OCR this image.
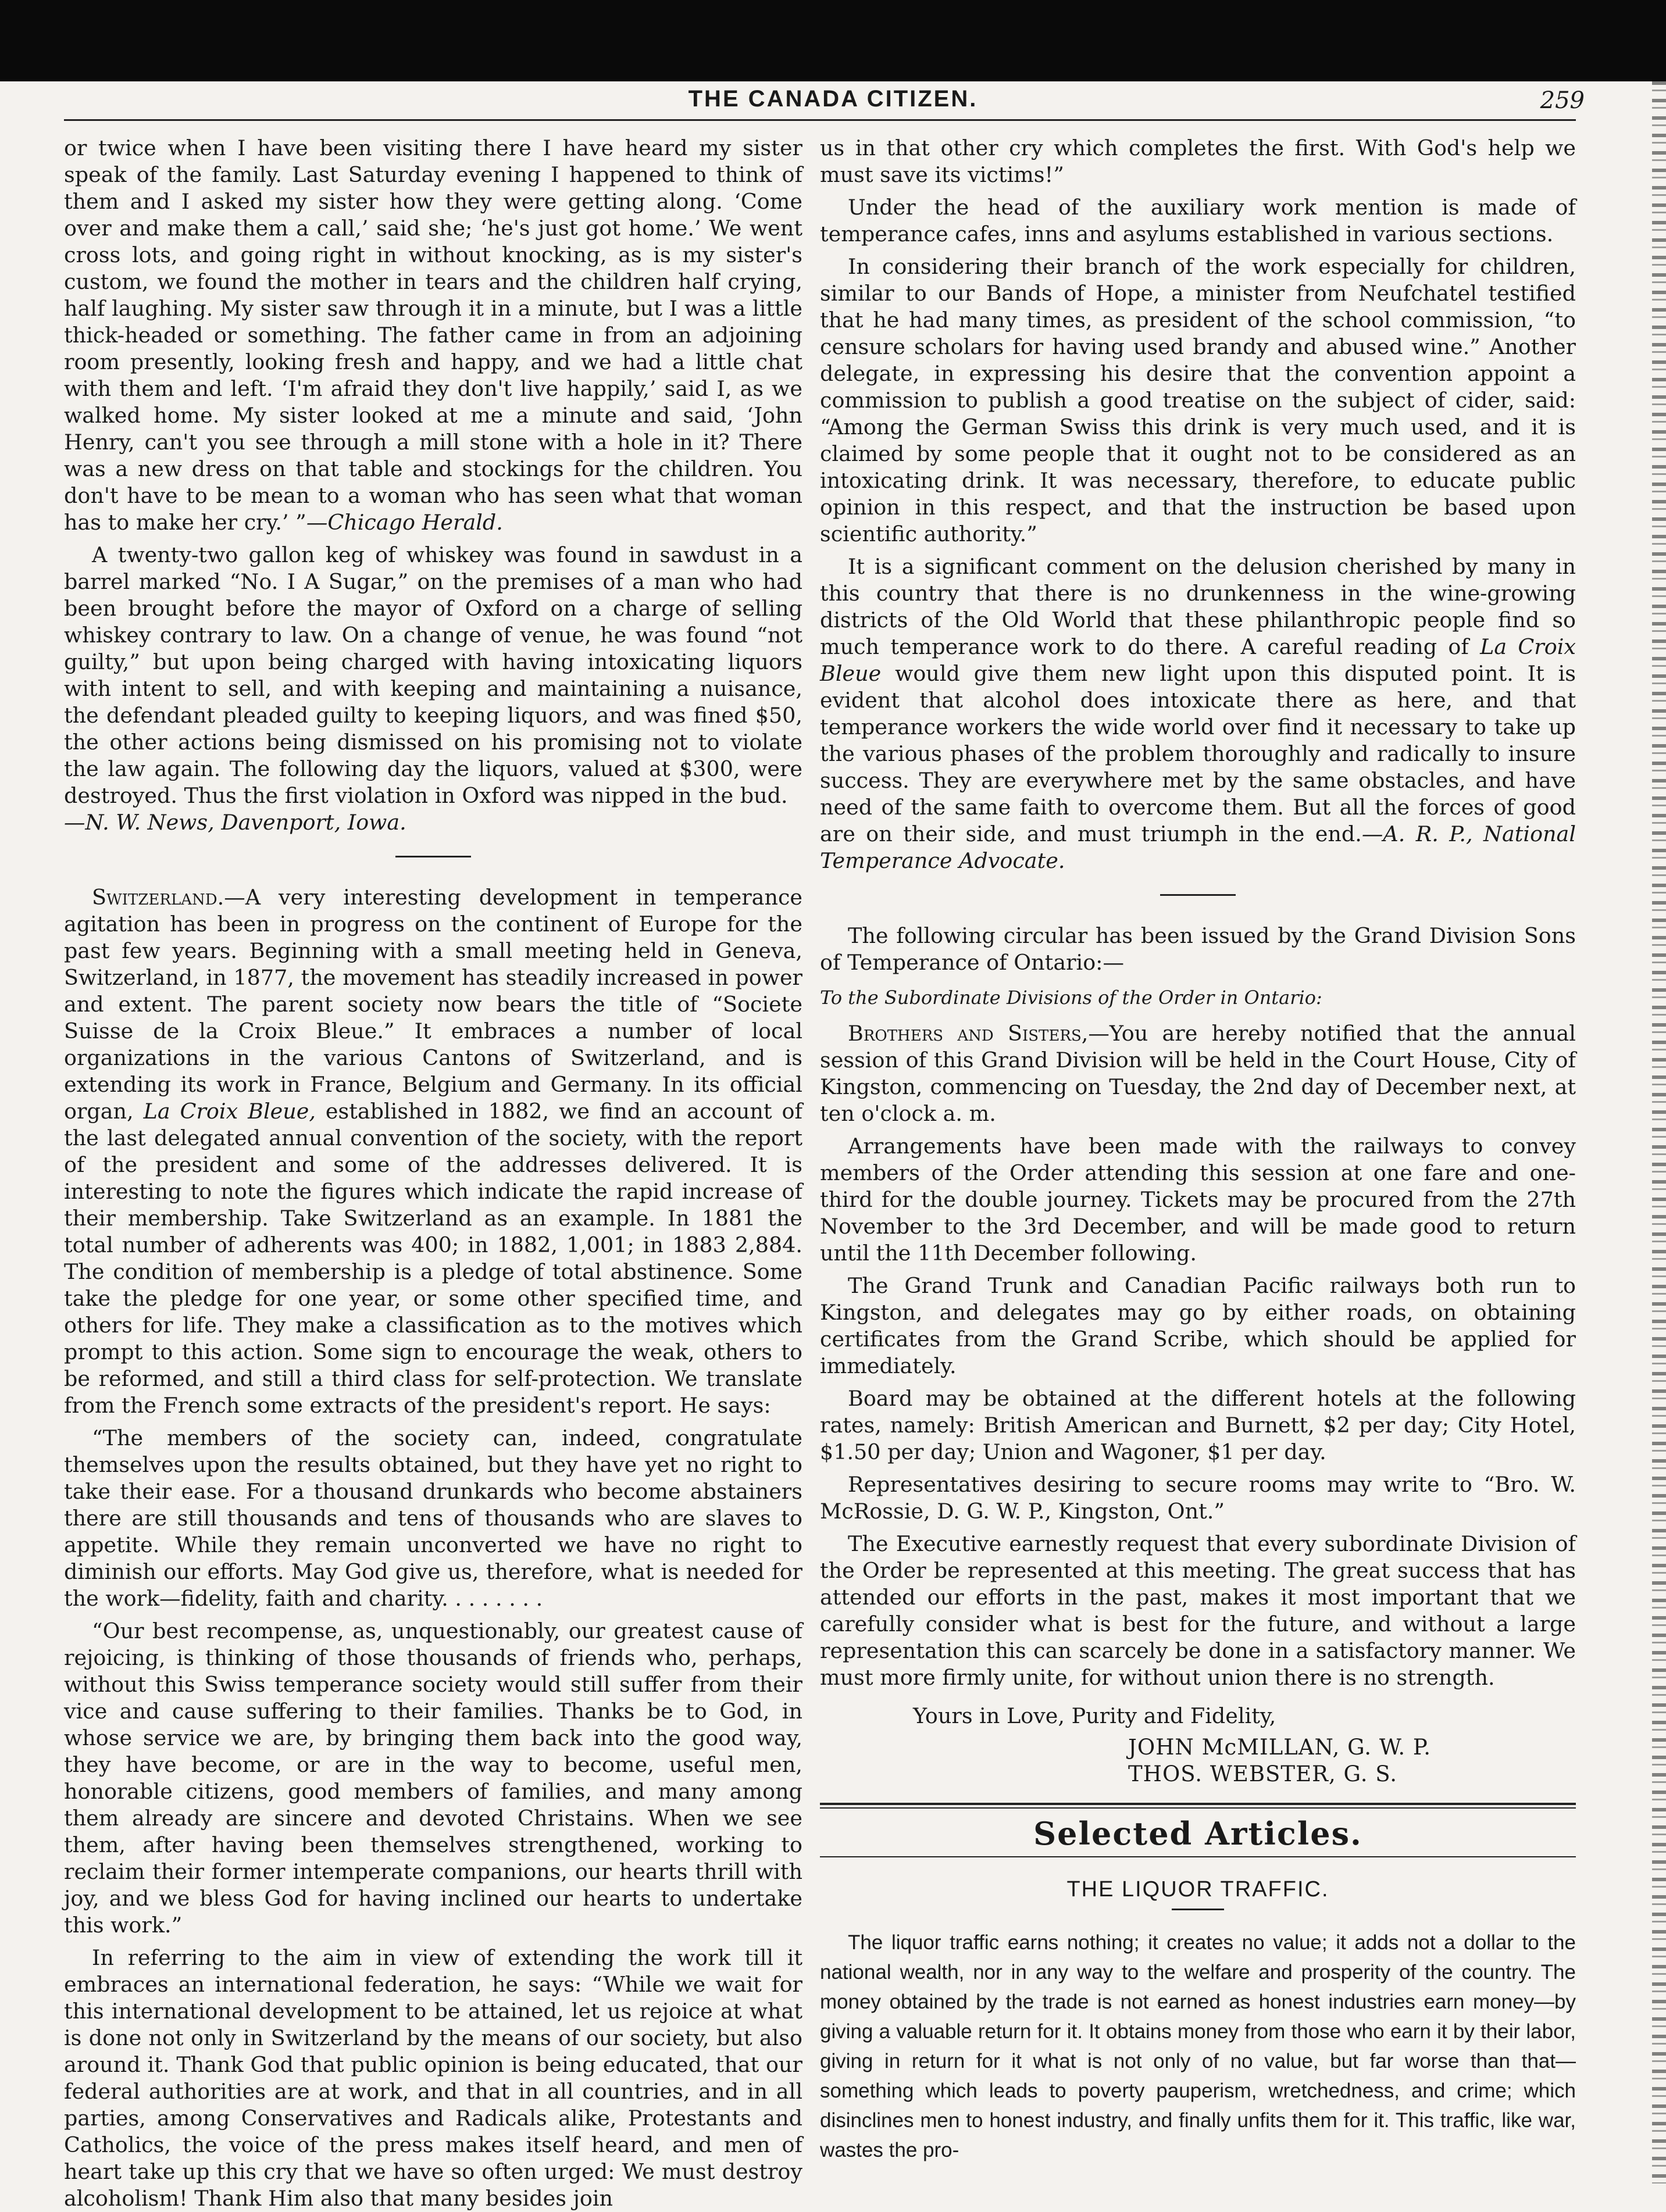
THE CANADA CITIZEN.	259

or twice when I have been visiting there I have heard my sister speak of the family. Last Saturday evening I happened to think of them and I asked my sister how they were getting along. ‘Come over and make them a call,’ said she; ‘he's just got home.’ We went cross lots, and going right in without knocking, as is my sister's custom, we found the mother in tears and the children half crying, half laughing. My sister saw through it in a minute, but I was a little thick-headed or something. The father came in from an adjoining room presently, looking fresh and happy, and we had a little chat with them and left. ‘I'm afraid they don't live happily,’ said I, as we walked home. My sister looked at me a minute and said, ‘John Henry, can't you see through a mill stone with a hole in it? There was a new dress on that table and stockings for the children. You don't have to be mean to a woman who has seen what that woman has to make her cry.’ ”—Chicago Herald.

A twenty-two gallon keg of whiskey was found in sawdust in a barrel marked “No. I A Sugar,” on the premises of a man who had been brought before the mayor of Oxford on a charge of selling whiskey contrary to law. On a change of venue, he was found “not guilty,” but upon being charged with having intoxicating liquors with intent to sell, and with keeping and maintaining a nuisance, the defendant pleaded guilty to keeping liquors, and was fined $50, the other actions being dismissed on his promising not to violate the law again. The following day the liquors, valued at $300, were destroyed. Thus the first violation in Oxford was nipped in the bud.
—N. W. News, Davenport, Iowa.

Switzerland.—A very interesting development in temperance agitation has been in progress on the continent of Europe for the past few years. Beginning with a small meeting held in Geneva, Switzerland, in 1877, the movement has steadily increased in power and extent. The parent society now bears the title of “Societe Suisse de la Croix Bleue.” It embraces a number of local organizations in the various Cantons of Switzerland, and is extending its work in France, Belgium and Germany. In its official organ, La Croix Bleue, established in 1882, we find an account of the last delegated annual convention of the society, with the report of the president and some of the addresses delivered. It is interesting to note the figures which indicate the rapid increase of their membership. Take Switzerland as an example. In 1881 the total number of adherents was 400; in 1882, 1,001; in 1883 2,884. The condition of membership is a pledge of total abstinence. Some take the pledge for one year, or some other specified time, and others for life. They make a classification as to the motives which prompt to this action. Some sign to encourage the weak, others to be reformed, and still a third class for self-protection. We translate from the French some extracts of the president's report. He says:

“The members of the society can, indeed, congratulate themselves upon the results obtained, but they have yet no right to take their ease. For a thousand drunkards who become abstainers there are still thousands and tens of thousands who are slaves to appetite. While they remain unconverted we have no right to diminish our efforts. May God give us, therefore, what is needed for the work—fidelity, faith and charity. . . . . . . .

“Our best recompense, as, unquestionably, our greatest cause of rejoicing, is thinking of those thousands of friends who, perhaps, without this Swiss temperance society would still suffer from their vice and cause suffering to their families. Thanks be to God, in whose service we are, by bringing them back into the good way, they have become, or are in the way to become, useful men, honorable citizens, good members of families, and many among them already are sincere and devoted Christains. When we see them, after having been themselves strengthened, working to reclaim their former intemperate companions, our hearts thrill with joy, and we bless God for having inclined our hearts to undertake this work.”

In referring to the aim in view of extending the work till it embraces an international federation, he says: “While we wait for this international development to be attained, let us rejoice at what is done not only in Switzerland by the means of our society, but also around it. Thank God that public opinion is being educated, that our federal authorities are at work, and that in all countries, and in all parties, among Conservatives and Radicals alike, Protestants and Catholics, the voice of the press makes itself heard, and men of heart take up this cry that we have so often urged: We must destroy alcoholism! Thank Him also that many besides join

us in that other cry which completes the first. With God's help we must save its victims!”

Under the head of the auxiliary work mention is made of temperance cafes, inns and asylums established in various sections.

In considering their branch of the work especially for children, similar to our Bands of Hope, a minister from Neufchatel testified that he had many times, as president of the school commission, “to censure scholars for having used brandy and abused wine.” Another delegate, in expressing his desire that the convention appoint a commission to publish a good treatise on the subject of cider, said: “Among the German Swiss this drink is very much used, and it is claimed by some people that it ought not to be considered as an intoxicating drink. It was necessary, therefore, to educate public opinion in this respect, and that the instruction be based upon scientific authority.”

It is a significant comment on the delusion cherished by many in this country that there is no drunkenness in the wine-growing districts of the Old World that these philanthropic people find so much temperance work to do there. A careful reading of La Croix Bleue would give them new light upon this disputed point. It is evident that alcohol does intoxicate there as here, and that temperance workers the wide world over find it necessary to take up the various phases of the problem thoroughly and radically to insure success. They are everywhere met by the same obstacles, and have need of the same faith to overcome them. But all the forces of good are on their side, and must triumph in the end.—A. R. P., National Temperance Advocate.

The following circular has been issued by the Grand Division Sons of Temperance of Ontario:—

To the Subordinate Divisions of the Order in Ontario:

Brothers and Sisters,—You are hereby notified that the annual session of this Grand Division will be held in the Court House, City of Kingston, commencing on Tuesday, the 2nd day of December next, at ten o'clock a. m.

Arrangements have been made with the railways to convey members of the Order attending this session at one fare and one-third for the double journey. Tickets may be procured from the 27th November to the 3rd December, and will be made good to return until the 11th December following.

The Grand Trunk and Canadian Pacific railways both run to Kingston, and delegates may go by either roads, on obtaining certificates from the Grand Scribe, which should be applied for immediately.

Board may be obtained at the different hotels at the following rates, namely: British American and Burnett, $2 per day; City Hotel, $1.50 per day; Union and Wagoner, $1 per day.

Representatives desiring to secure rooms may write to “Bro. W. McRossie, D. G. W. P., Kingston, Ont.”

The Executive earnestly request that every subordinate Division of the Order be represented at this meeting. The great success that has attended our efforts in the past, makes it most important that we carefully consider what is best for the future, and without a large representation this can scarcely be done in a satisfactory manner. We must more firmly unite, for without union there is no strength.

Yours in Love, Purity and Fidelity,

JOHN McMILLAN, G. W. P.

THOS. WEBSTER, G. S.

Selected Articles.
THE LIQUOR TRAFFIC.

The liquor traffic earns nothing; it creates no value; it adds not a dollar to the national wealth, nor in any way to the welfare and prosperity of the country. The money obtained by the trade is not earned as honest industries earn money—by giving a valuable return for it. It obtains money from those who earn it by their labor, giving in return for it what is not only of no value, but far worse than that—something which leads to poverty pauperism, wretchedness, and crime; which disinclines men to honest industry, and finally unfits them for it. This traffic, like war, wastes the pro-
